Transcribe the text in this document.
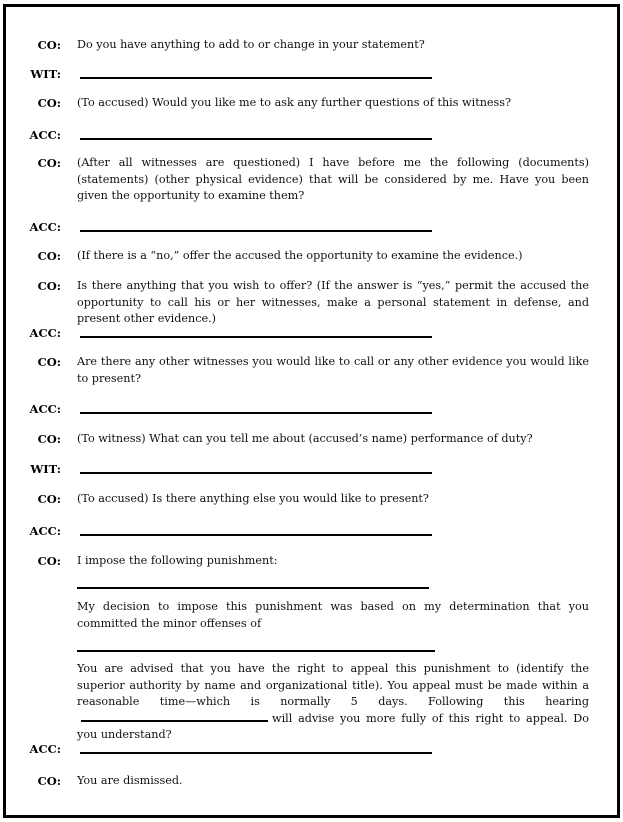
CO: Do you have anything to add to or change in your statement?
WIT:
CO: (To accused) Would you like me to ask any further questions of this witness?
ACC:
CO: (After all witnesses are questioned) I have before me the following (documents) (statements) (other physical evidence) that will be considered by me. Have you been given the opportunity to examine them?
ACC:
CO: (If there is a “no,” offer the accused the opportunity to examine the evidence.)
CO: Is there anything that you wish to offer? (If the answer is “yes,” permit the accused the opportunity to call his or her witnesses, make a personal statement in defense, and present other evidence.)
ACC:
CO: Are there any other witnesses you would like to call or any other evidence you would like to present?
ACC:
CO: (To witness) What can you tell me about (accused’s name) performance of duty?
WIT:
CO: (To accused) Is there anything else you would like to present?
ACC:
CO: I impose the following punishment:
My decision to impose this punishment was based on my determination that you committed the minor offenses of
You are advised that you have the right to appeal this punishment to (identify the superior authority by name and organizational title). You appeal must be made within a reasonable time—which is normally 5 days. Following this hearingwill advise you more fully of this right to appeal. Do you understand?
ACC:
CO: You are dismissed.
